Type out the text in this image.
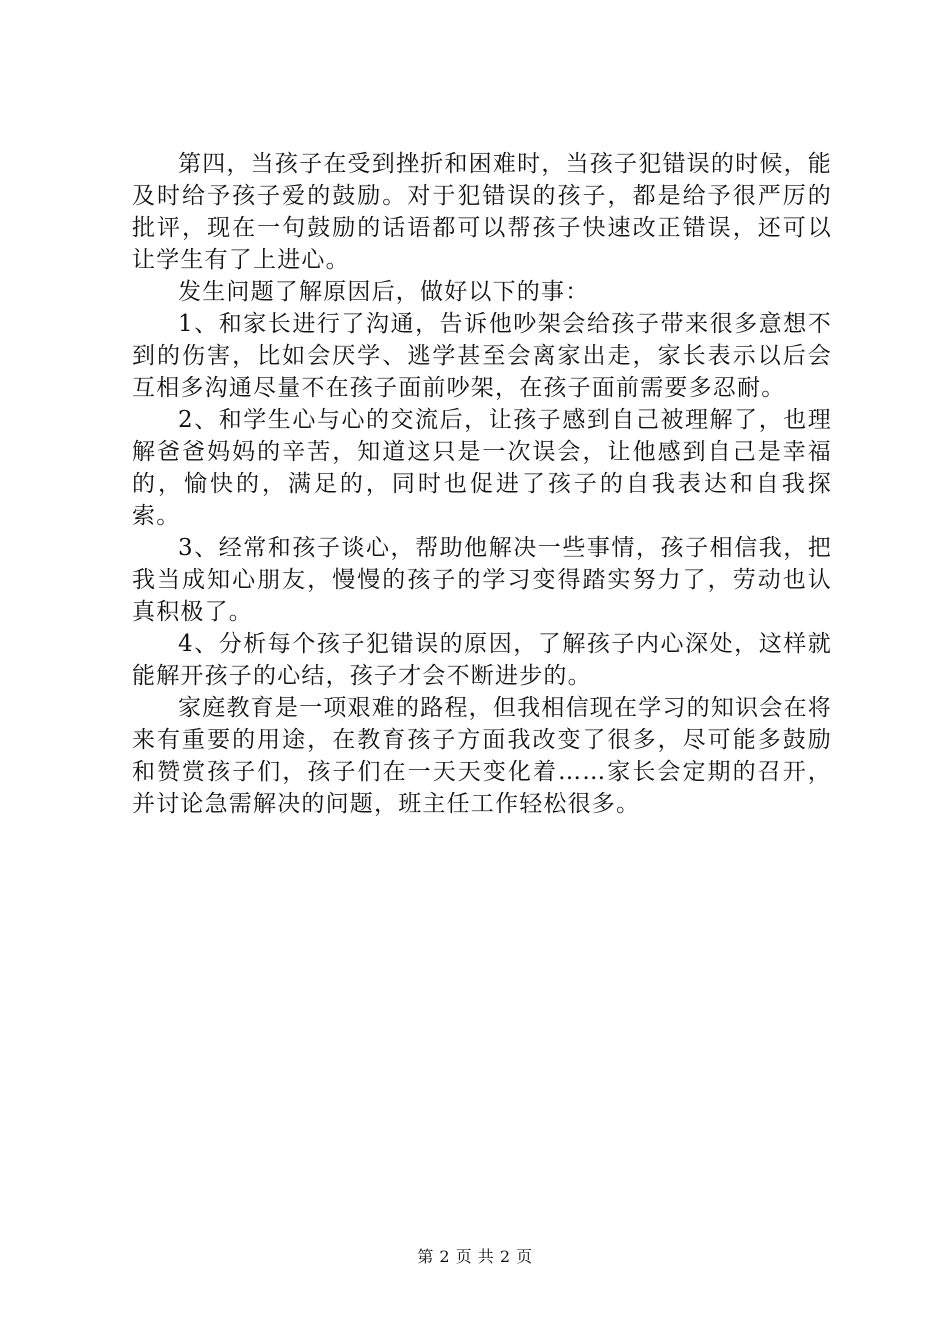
第四，当孩子在受到挫折和困难时，当孩子犯错误的时候，能及时给予孩子爱的鼓励。对于犯错误的孩子，都是给予很严厉的批评，现在一句鼓励的话语都可以帮孩子快速改正错误，还可以让学生有了上进心。

发生问题了解原因后，做好以下的事：

1、和家长进行了沟通，告诉他吵架会给孩子带来很多意想不到的伤害，比如会厌学、逃学甚至会离家出走，家长表示以后会互相多沟通尽量不在孩子面前吵架，在孩子面前需要多忍耐。

2、和学生心与心的交流后，让孩子感到自己被理解了，也理解爸爸妈妈的辛苦，知道这只是一次误会，让他感到自己是幸福的，愉快的，满足的，同时也促进了孩子的自我表达和自我探索。

3、经常和孩子谈心，帮助他解决一些事情，孩子相信我，把我当成知心朋友，慢慢的孩子的学习变得踏实努力了，劳动也认真积极了。

4、分析每个孩子犯错误的原因，了解孩子内心深处，这样就能解开孩子的心结，孩子才会不断进步的。

家庭教育是一项艰难的路程，但我相信现在学习的知识会在将来有重要的用途，在教育孩子方面我改变了很多，尽可能多鼓励和赞赏孩子们，孩子们在一天天变化着……家长会定期的召开，并讨论急需解决的问题，班主任工作轻松很多。

第 2 页 共 2 页
